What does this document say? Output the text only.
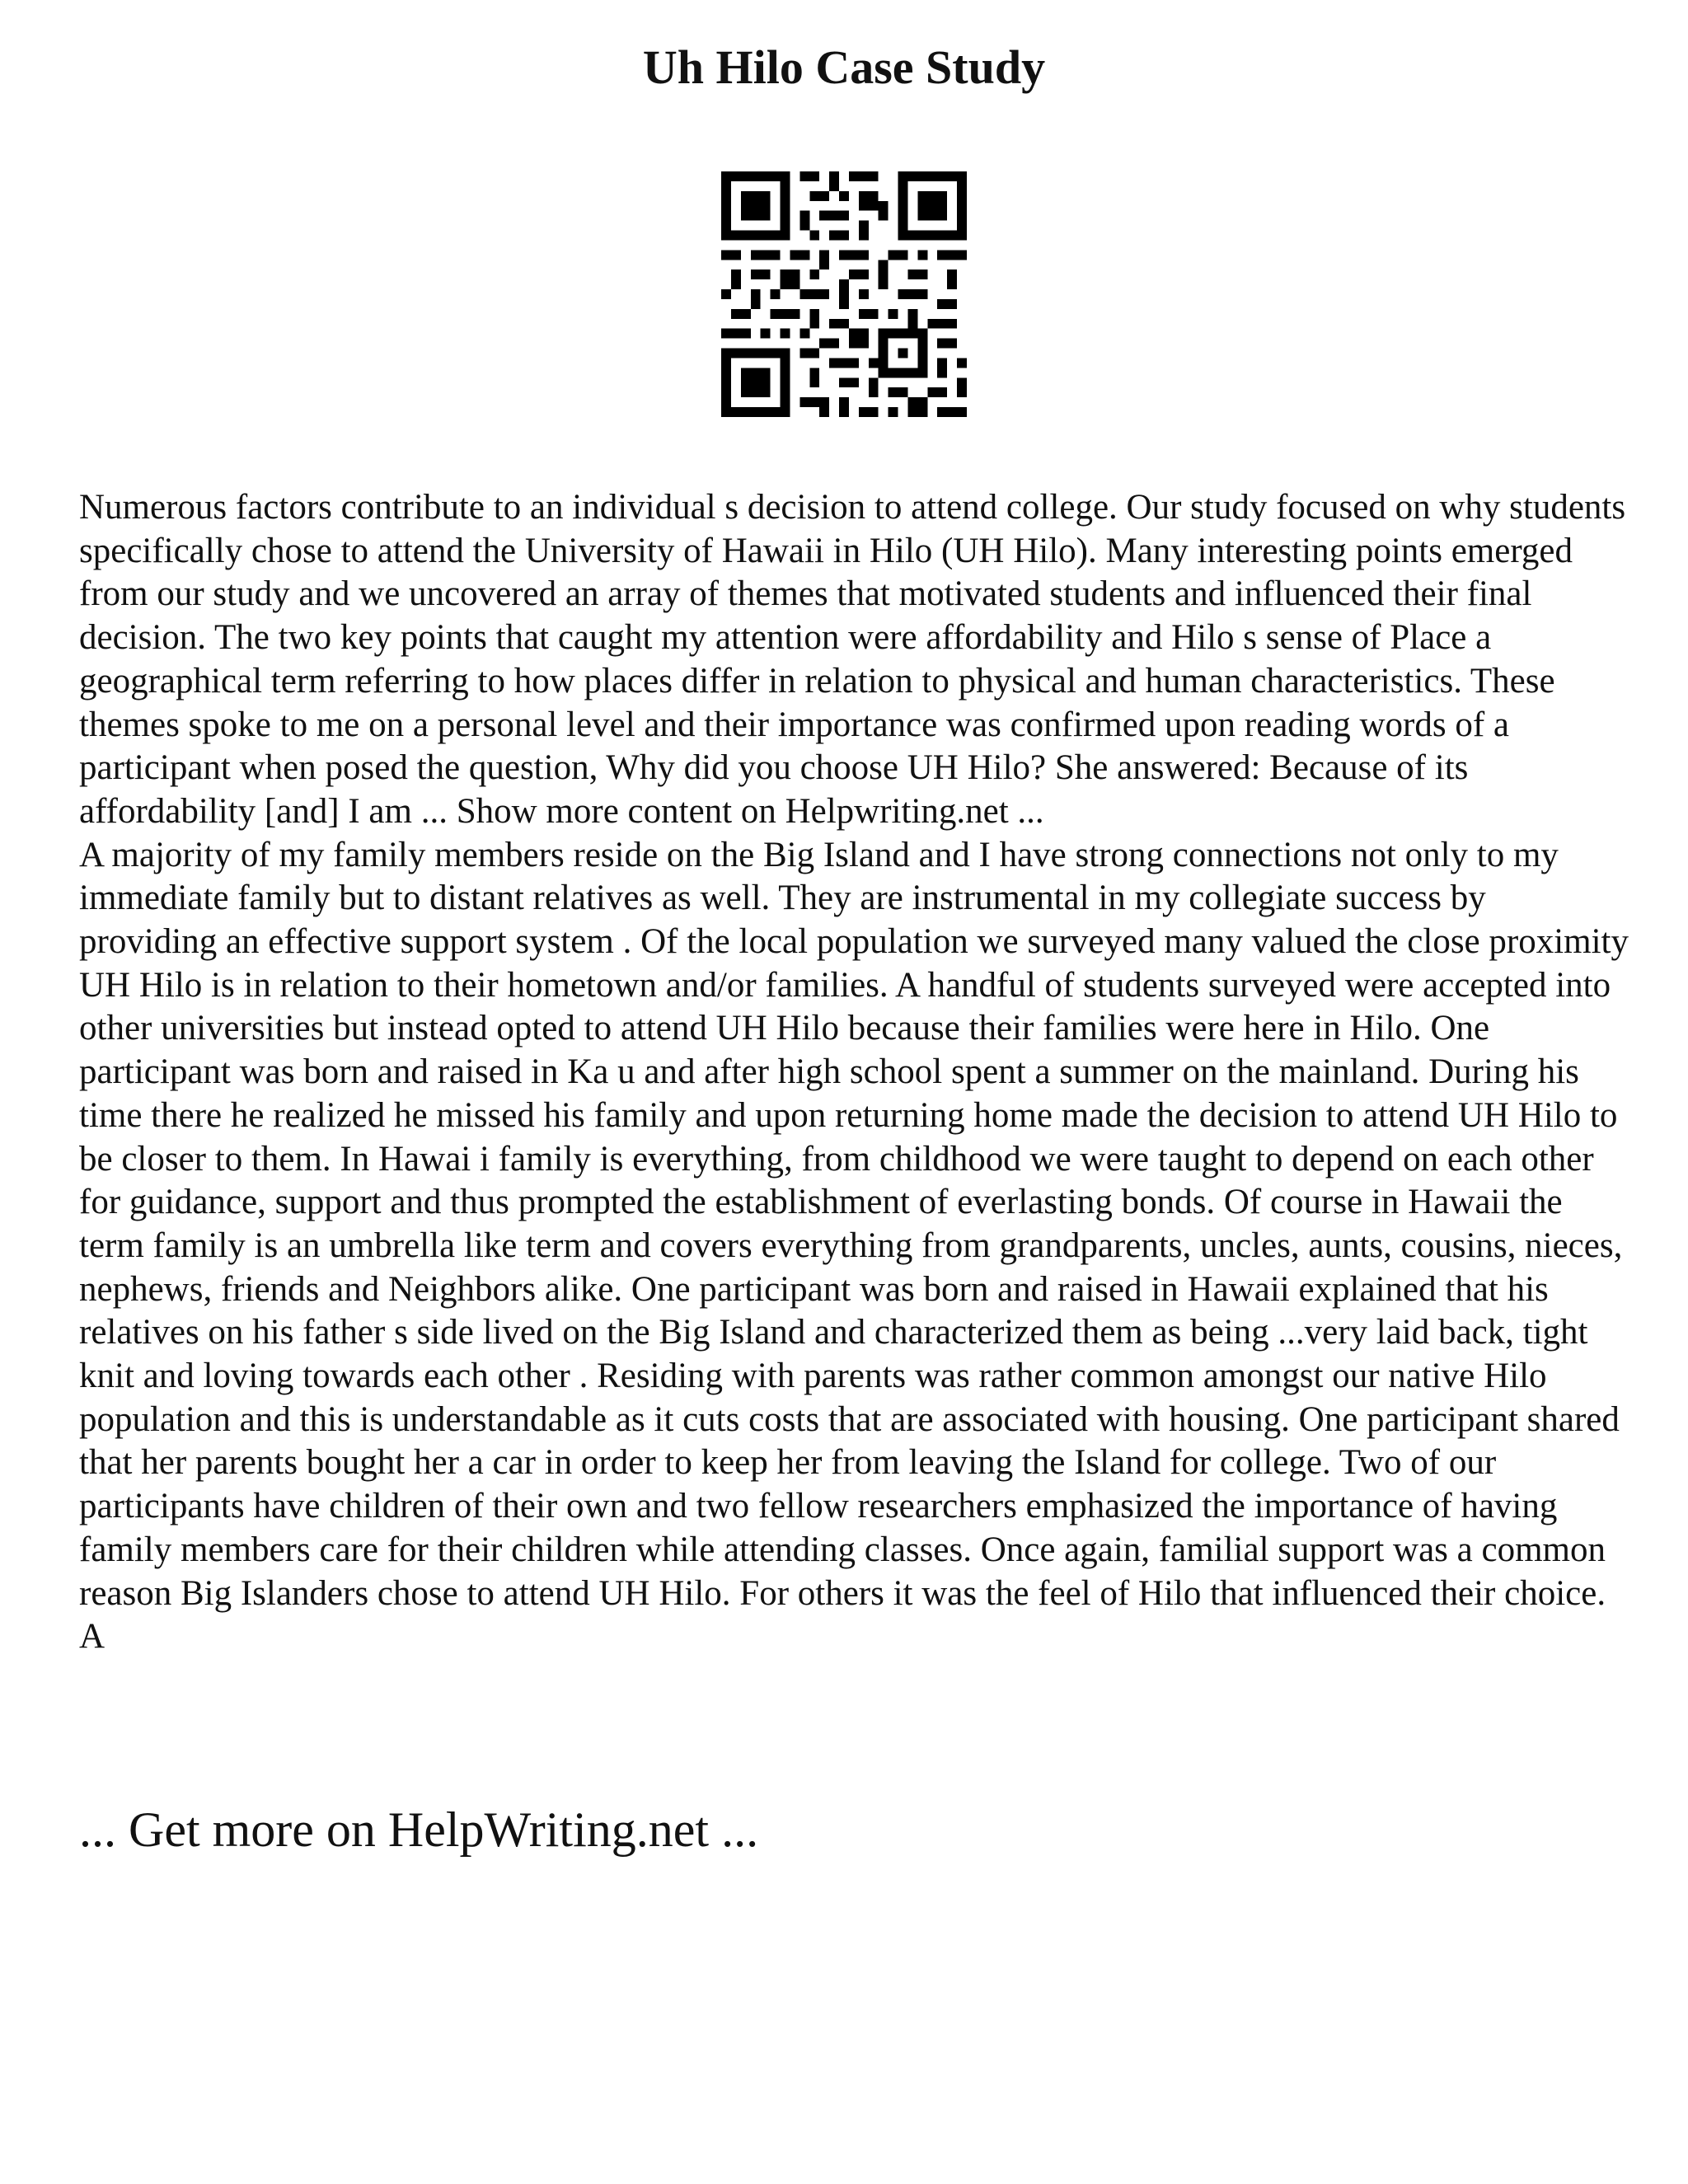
Uh Hilo Case Study

Numerous factors contribute to an individual s decision to attend college. Our study focused on why students specifically chose to attend the University of Hawaii in Hilo (UH Hilo). Many interesting points emerged from our study and we uncovered an array of themes that motivated students and influenced their final decision. The two key points that caught my attention were affordability and Hilo s sense of Place a geographical term referring to how places differ in relation to physical and human characteristics. These themes spoke to me on a personal level and their importance was confirmed upon reading words of a participant when posed the question, Why did you choose UH Hilo? She answered: Because of its affordability [and] I am ... Show more content on Helpwriting.net ...

A majority of my family members reside on the Big Island and I have strong connections not only to my immediate family but to distant relatives as well. They are instrumental in my collegiate success by providing an effective support system . Of the local population we surveyed many valued the close proximity UH Hilo is in relation to their hometown and/or families. A handful of students surveyed were accepted into other universities but instead opted to attend UH Hilo because their families were here in Hilo. One participant was born and raised in Ka u and after high school spent a summer on the mainland. During his time there he realized he missed his family and upon returning home made the decision to attend UH Hilo to be closer to them. In Hawai i family is everything, from childhood we were taught to depend on each other for guidance, support and thus prompted the establishment of everlasting bonds. Of course in Hawaii the term family is an umbrella like term and covers everything from grandparents, uncles, aunts, cousins, nieces, nephews, friends and Neighbors alike. One participant was born and raised in Hawaii explained that his relatives on his father s side lived on the Big Island and characterized them as being ...very laid back, tight knit and loving towards each other . Residing with parents was rather common amongst our native Hilo population and this is understandable as it cuts costs that are associated with housing. One participant shared that her parents bought her a car in order to keep her from leaving the Island for college. Two of our participants have children of their own and two fellow researchers emphasized the importance of having family members care for their children while attending classes. Once again, familial support was a common reason Big Islanders chose to attend UH Hilo. For others it was the feel of Hilo that influenced their choice. A

... Get more on HelpWriting.net ...
